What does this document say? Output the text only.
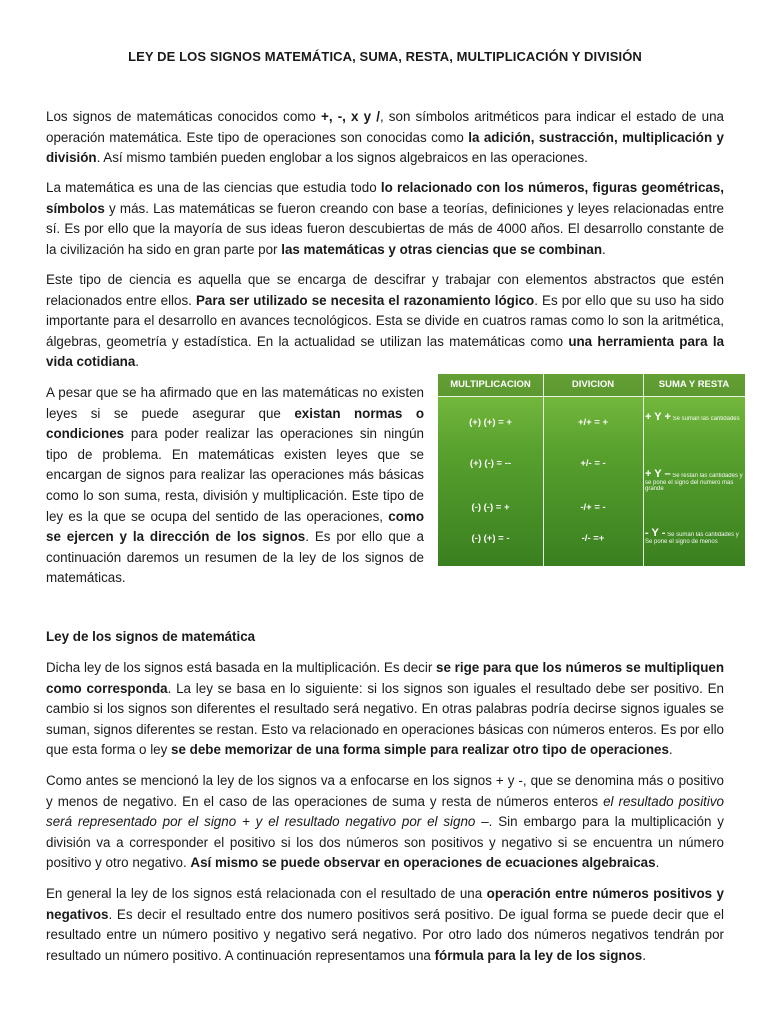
LEY DE LOS SIGNOS MATEMÁTICA, SUMA, RESTA, MULTIPLICACIÓN Y DIVISIÓN

Los signos de matemáticas conocidos como +, -, x y /, son símbolos aritméticos para indicar el estado de una operación matemática. Este tipo de operaciones son conocidas como la adición, sustracción, multiplicación y división. Así mismo también pueden englobar a los signos algebraicos en las operaciones.

La matemática es una de las ciencias que estudia todo lo relacionado con los números, figuras geométricas, símbolos y más. Las matemáticas se fueron creando con base a teorías, definiciones y leyes relacionadas entre sí. Es por ello que la mayoría de sus ideas fueron descubiertas de más de 4000 años. El desarrollo constante de la civilización ha sido en gran parte por las matemáticas y otras ciencias que se combinan.

Este tipo de ciencia es aquella que se encarga de descifrar y trabajar con elementos abstractos que estén relacionados entre ellos. Para ser utilizado se necesita el razonamiento lógico. Es por ello que su uso ha sido importante para el desarrollo en avances tecnológicos. Esta se divide en cuatros ramas como lo son la aritmética, álgebras, geometría y estadística. En la actualidad se utilizan las matemáticas como una herramienta para la vida cotidiana.

A pesar que se ha afirmado que en las matemáticas no existen leyes si se puede asegurar que existan normas o condiciones para poder realizar las operaciones sin ningún tipo de problema. En matemáticas existen leyes que se encargan de signos para realizar las operaciones más básicas como lo son suma, resta, división y multiplicación. Este tipo de ley es la que se ocupa del sentido de las operaciones, como se ejercen y la dirección de los signos. Es por ello que a continuación daremos un resumen de la ley de los signos de matemáticas.

Ley de los signos de matemática

Dicha ley de los signos está basada en la multiplicación. Es decir se rige para que los números se multipliquen como corresponda. La ley se basa en lo siguiente: si los signos son iguales el resultado debe ser positivo. En cambio si los signos son diferentes el resultado será negativo. En otras palabras podría decirse signos iguales se suman, signos diferentes se restan. Esto va relacionado en operaciones básicas con números enteros. Es por ello que esta forma o ley se debe memorizar de una forma simple para realizar otro tipo de operaciones.

Como antes se mencionó la ley de los signos va a enfocarse en los signos + y -, que se denomina más o positivo y menos de negativo. En el caso de las operaciones de suma y resta de números enteros el resultado positivo será representado por el signo + y el resultado negativo por el signo –. Sin embargo para la multiplicación y división va a corresponder el positivo si los dos números son positivos y negativo si se encuentra un número positivo y otro negativo. Así mismo se puede observar en operaciones de ecuaciones algebraicas.

En general la ley de los signos está relacionada con el resultado de una operación entre números positivos y negativos. Es decir el resultado entre dos numero positivos será positivo. De igual forma se puede decir que el resultado entre un número positivo y negativo será negativo. Por otro lado dos números negativos tendrán por resultado un número positivo. A continuación representamos una fórmula para la ley de los signos.

MULTIPLICACION	DIVICION	SUMA Y RESTA
(+) (+) = +
(+) (-) = --
(-) (-) = +
(-) (+) = -
+/+ = +
+/- = -
-/+ = -
-/- =+
+ Y + Se suman las cantidades
+ Y – Se restan las cantidades y se pone el signo del numero mas grande
- Y - Se suman las cantidades y Se pone el signo de menos
